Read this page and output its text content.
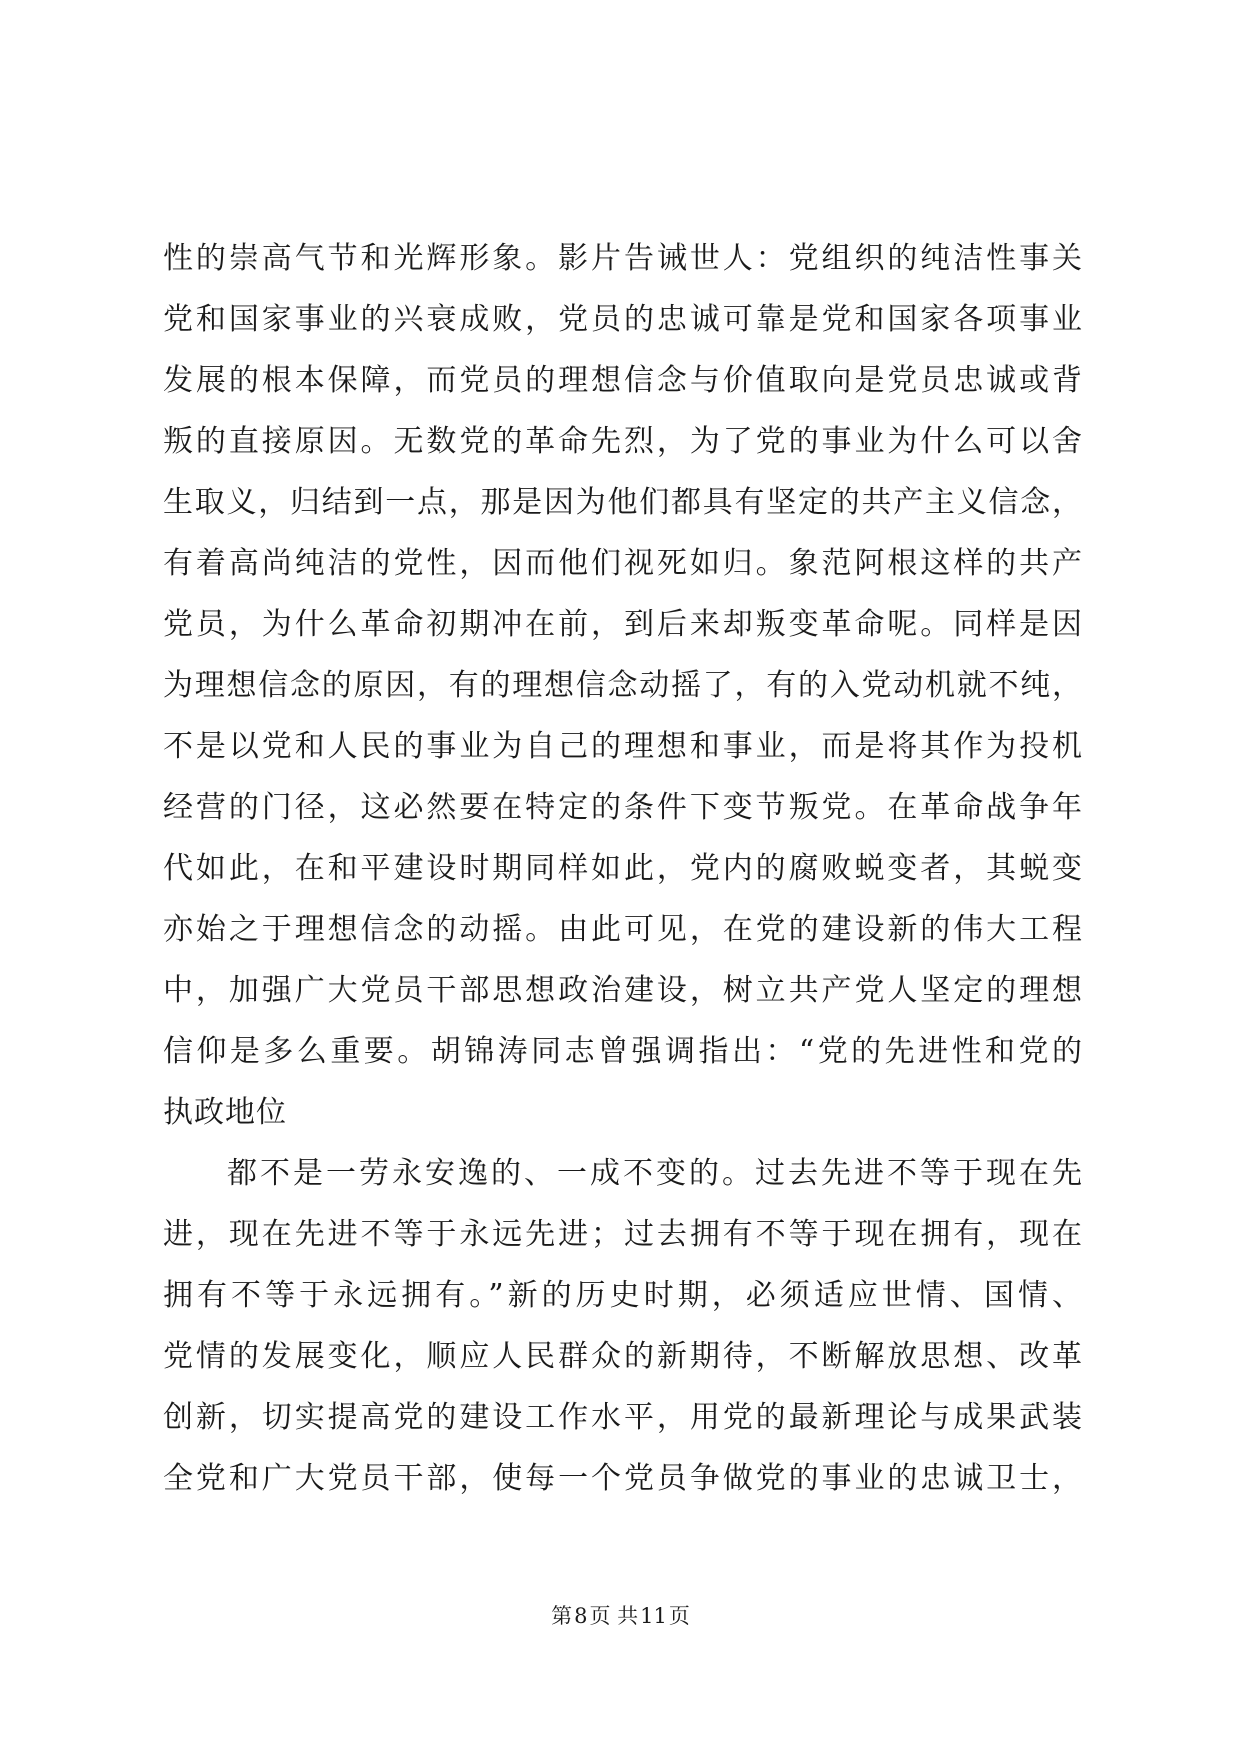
性的崇高气节和光辉形象。影片告诫世人：党组织的纯洁性事关
党和国家事业的兴衰成败，党员的忠诚可靠是党和国家各项事业
发展的根本保障，而党员的理想信念与价值取向是党员忠诚或背
叛的直接原因。无数党的革命先烈，为了党的事业为什么可以舍
生取义，归结到一点，那是因为他们都具有坚定的共产主义信念，
有着高尚纯洁的党性，因而他们视死如归。象范阿根这样的共产
党员，为什么革命初期冲在前，到后来却叛变革命呢。同样是因
为理想信念的原因，有的理想信念动摇了，有的入党动机就不纯，
不是以党和人民的事业为自己的理想和事业，而是将其作为投机
经营的门径，这必然要在特定的条件下变节叛党。在革命战争年
代如此，在和平建设时期同样如此，党内的腐败蜕变者，其蜕变
亦始之于理想信念的动摇。由此可见，在党的建设新的伟大工程
中，加强广大党员干部思想政治建设，树立共产党人坚定的理想
信仰是多么重要。胡锦涛同志曾强调指出：“党的先进性和党的
执政地位
都不是一劳永安逸的、一成不变的。过去先进不等于现在先
进，现在先进不等于永远先进；过去拥有不等于现在拥有，现在
拥有不等于永远拥有。”新的历史时期，必须适应世情、国情、
党情的发展变化，顺应人民群众的新期待，不断解放思想、改革
创新，切实提高党的建设工作水平，用党的最新理论与成果武装
全党和广大党员干部，使每一个党员争做党的事业的忠诚卫士，
第8页 共11页
